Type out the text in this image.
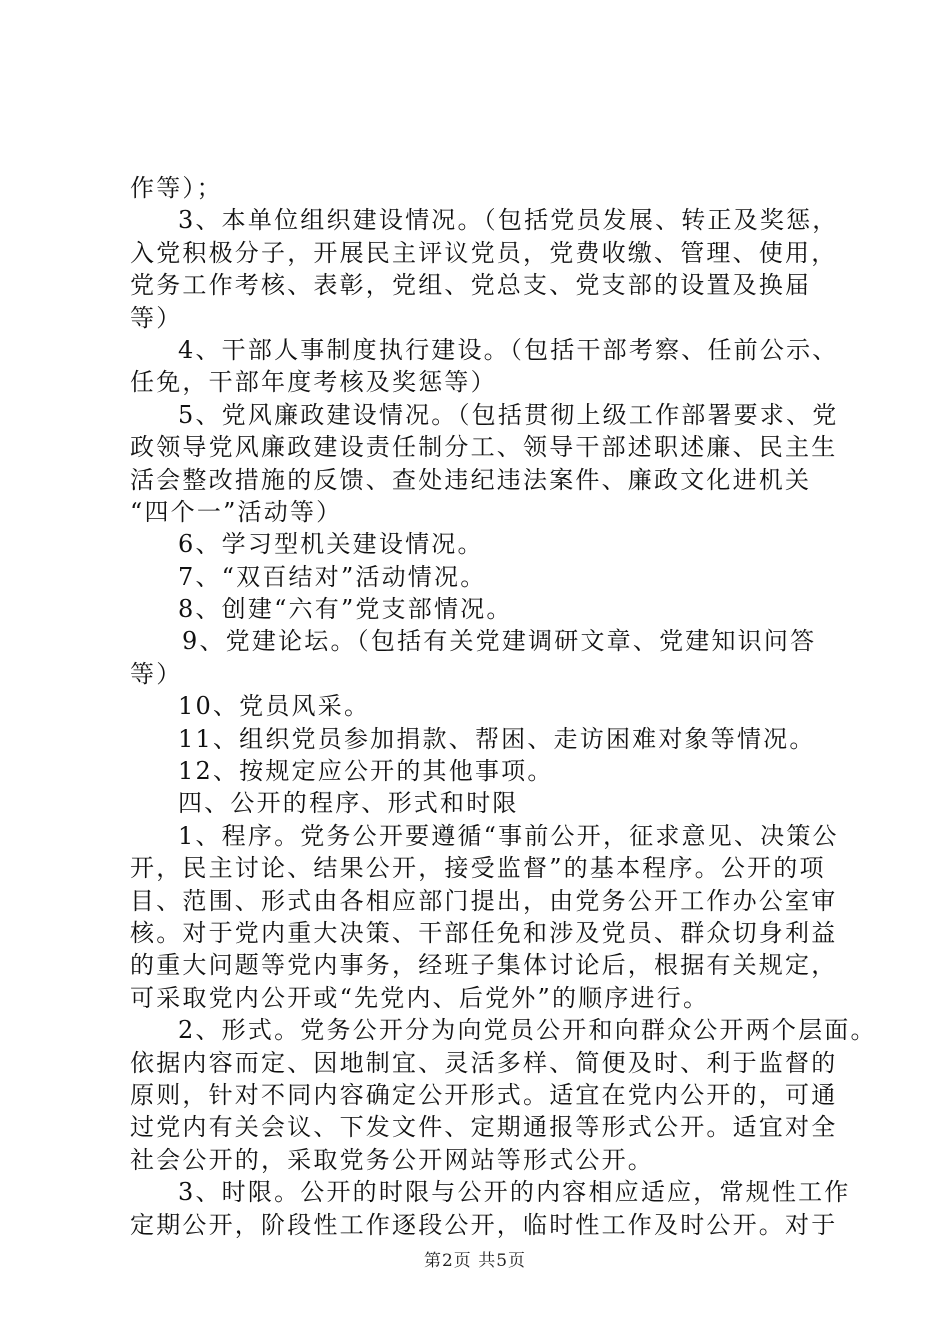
作等）；
3、本单位组织建设情况。（包括党员发展、转正及奖惩，
入党积极分子，开展民主评议党员，党费收缴、管理、使用，
党务工作考核、表彰，党组、党总支、党支部的设置及换届
等）
4、干部人事制度执行建设。（包括干部考察、任前公示、
任免，干部年度考核及奖惩等）
5、党风廉政建设情况。（包括贯彻上级工作部署要求、党
政领导党风廉政建设责任制分工、领导干部述职述廉、民主生
活会整改措施的反馈、查处违纪违法案件、廉政文化进机关
“四个一”活动等）
6、学习型机关建设情况。
7、“双百结对”活动情况。
8、创建“六有”党支部情况。
9、党建论坛。（包括有关党建调研文章、党建知识问答
等）
10、党员风采。
11、组织党员参加捐款、帮困、走访困难对象等情况。
12、按规定应公开的其他事项。
四、公开的程序、形式和时限
1、程序。党务公开要遵循“事前公开，征求意见、决策公
开，民主讨论、结果公开，接受监督”的基本程序。公开的项
目、范围、形式由各相应部门提出，由党务公开工作办公室审
核。对于党内重大决策、干部任免和涉及党员、群众切身利益
的重大问题等党内事务，经班子集体讨论后，根据有关规定，
可采取党内公开或“先党内、后党外”的顺序进行。
2、形式。党务公开分为向党员公开和向群众公开两个层面。
依据内容而定、因地制宜、灵活多样、简便及时、利于监督的
原则，针对不同内容确定公开形式。适宜在党内公开的，可通
过党内有关会议、下发文件、定期通报等形式公开。适宜对全
社会公开的，采取党务公开网站等形式公开。
3、时限。公开的时限与公开的内容相应适应，常规性工作
定期公开，阶段性工作逐段公开，临时性工作及时公开。对于
第2页 共5页
